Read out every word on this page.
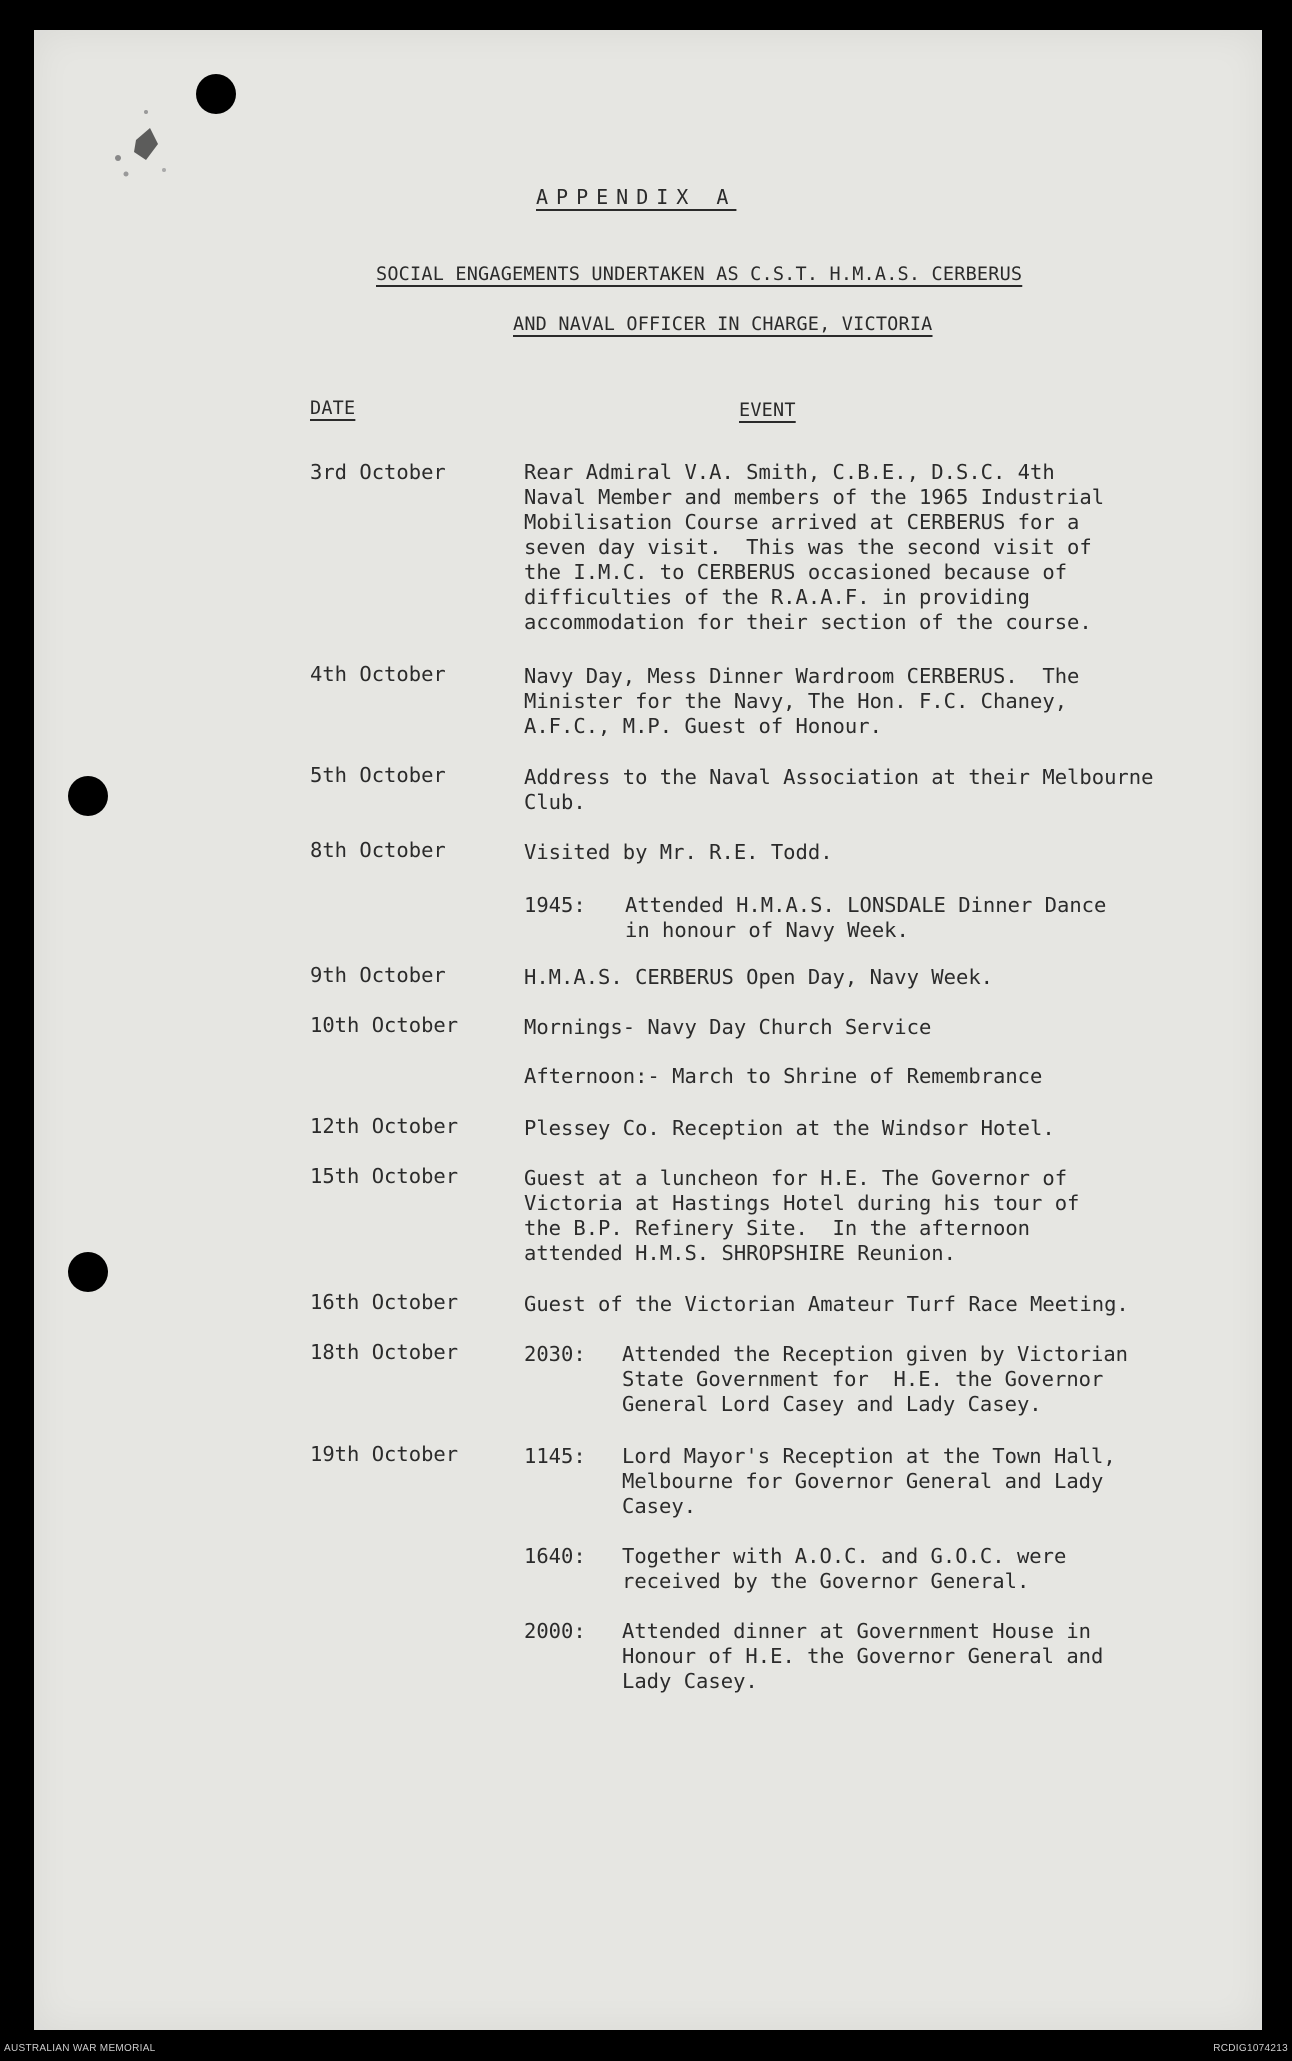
APPENDIX A
SOCIAL ENGAGEMENTS UNDERTAKEN AS C.S.T. H.M.A.S. CERBERUS
AND NAVAL OFFICER IN CHARGE, VICTORIA
DATE	EVENT
3rd October	Rear Admiral V.A. Smith, C.B.E., D.S.C. 4th
Naval Member and members of the 1965 Industrial
Mobilisation Course arrived at CERBERUS for a
seven day visit.  This was the second visit of
the I.M.C. to CERBERUS occasioned because of
difficulties of the R.A.A.F. in providing
accommodation for their section of the course.
4th October	Navy Day, Mess Dinner Wardroom CERBERUS.  The
Minister for the Navy, The Hon. F.C. Chaney,
A.F.C., M.P. Guest of Honour.
5th October	Address to the Naval Association at their Melbourne
Club.
8th October	Visited by Mr. R.E. Todd.
1945: Attended H.M.A.S. LONSDALE Dinner Dance
in honour of Navy Week.
9th October	H.M.A.S. CERBERUS Open Day, Navy Week.
10th October	Mornings- Navy Day Church Service
Afternoon:- March to Shrine of Remembrance
12th October	Plessey Co. Reception at the Windsor Hotel.
15th October	Guest at a luncheon for H.E. The Governor of
Victoria at Hastings Hotel during his tour of
the B.P. Refinery Site.  In the afternoon
attended H.M.S. SHROPSHIRE Reunion.
16th October	Guest of the Victorian Amateur Turf Race Meeting.
18th October	2030: Attended the Reception given by Victorian
State Government for  H.E. the Governor
General Lord Casey and Lady Casey.
19th October	1145: Lord Mayor's Reception at the Town Hall,
Melbourne for Governor General and Lady
Casey.
1640: Together with A.O.C. and G.O.C. were
received by the Governor General.
2000: Attended dinner at Government House in
Honour of H.E. the Governor General and
Lady Casey.
AUSTRALIAN WAR MEMORIAL	RCDIG1074213
